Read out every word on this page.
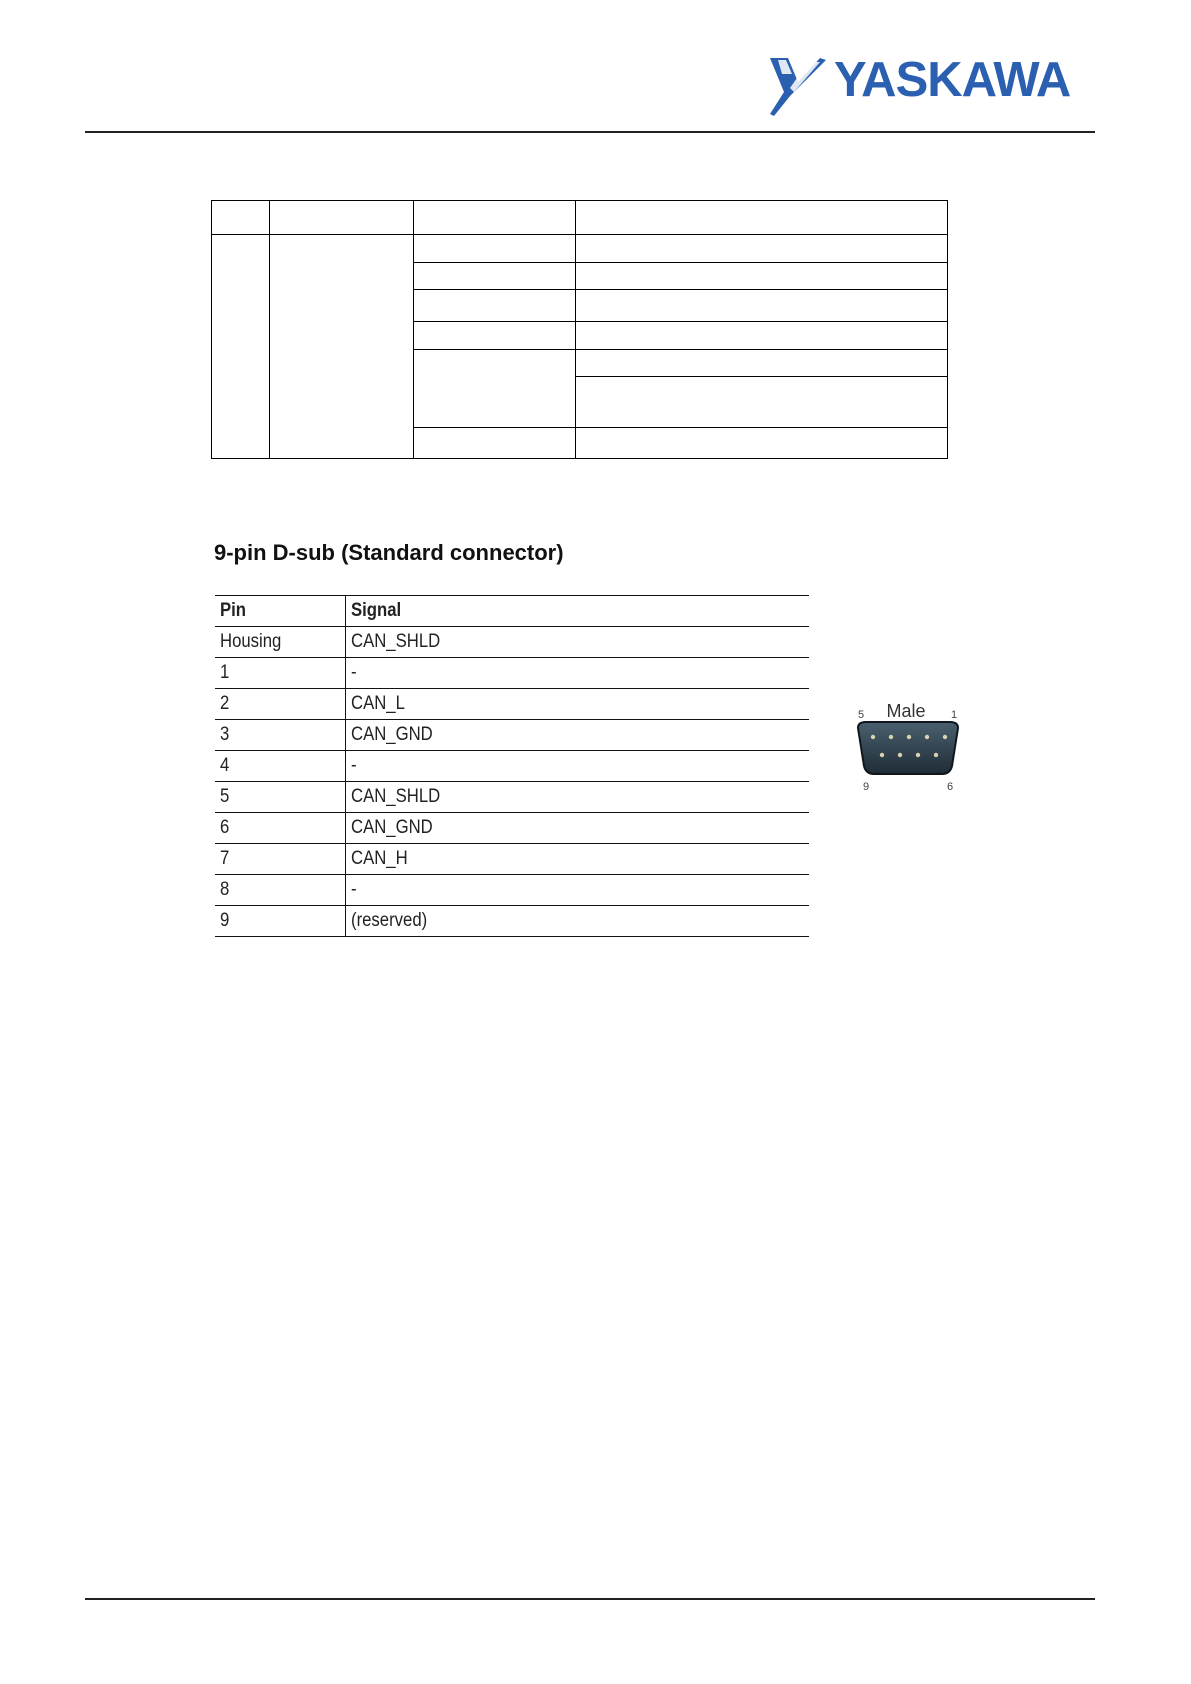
YASKAWA
9-pin D-sub (Standard connector)
Pin	Signal
Housing	CAN_SHLD
1	-
2	CAN_L
3	CAN_GND
4	-
5	CAN_SHLD
6	CAN_GND
7	CAN_H
8	-
9	(reserved)
Male
5	1
9	6
